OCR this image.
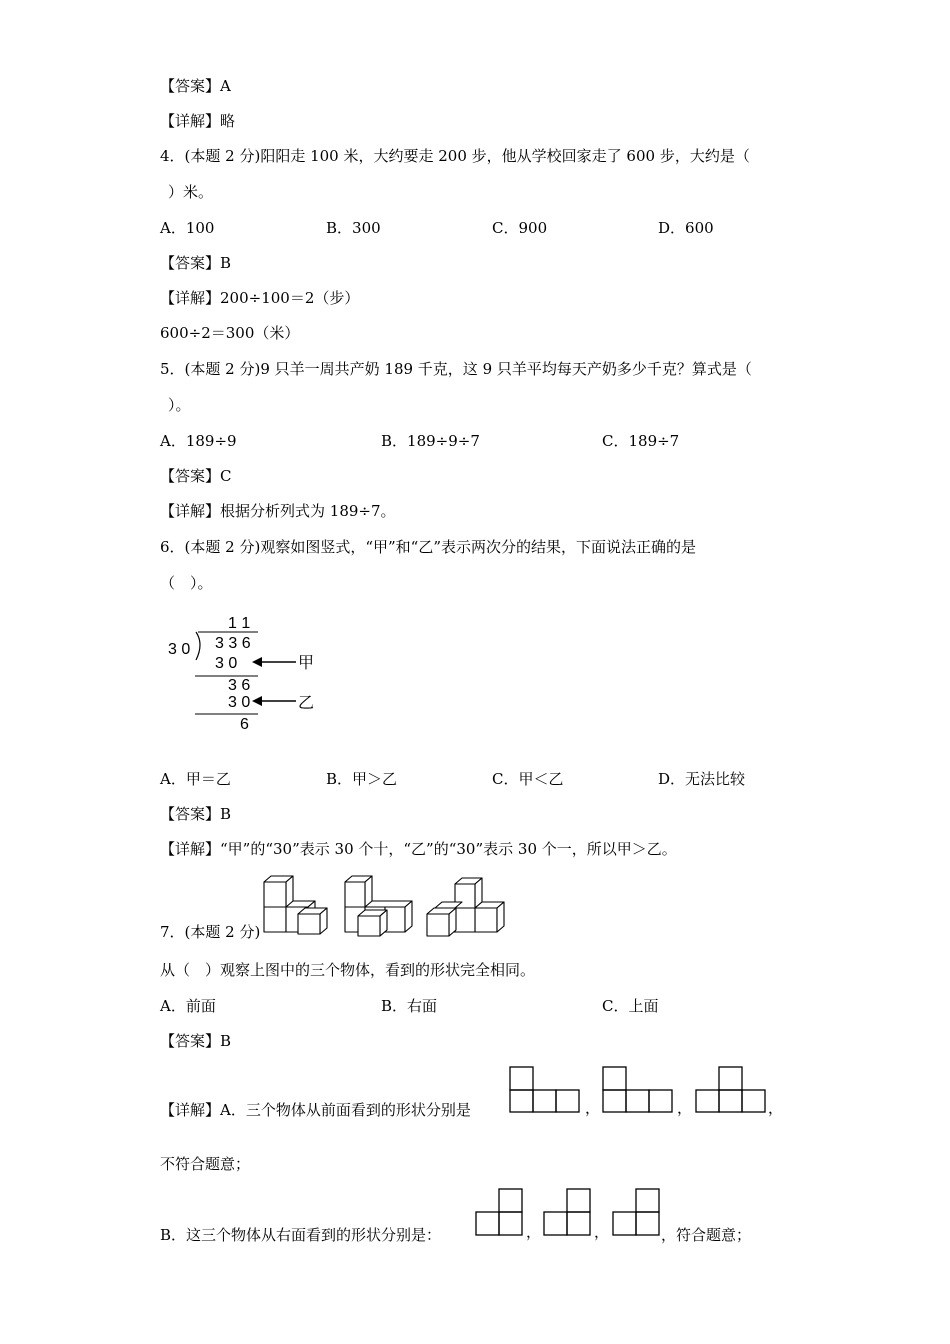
【答案】A
【详解】略
4．(本题 2 分)阳阳走 100 米，大约要走 200 步，他从学校回家走了 600 步，大约是（
）米。
A．100	B．300	C．900	D．600
【答案】B
【详解】200÷100＝2（步）
600÷2＝300（米）
5．(本题 2 分)9 只羊一周共产奶 189 千克，这 9 只羊平均每天产奶多少千克？算式是（
）。
A．189÷9	B．189÷9÷7	C．189÷7
【答案】C
【详解】根据分析列式为 189÷7。
6．(本题 2 分)观察如图竖式，“甲”和“乙”表示两次分的结果，下面说法正确的是
（　）。
1 1
3 0 3 3 6
3 0	甲
3 6
3 0	乙
6
A．甲＝乙	B．甲＞乙	C．甲＜乙	D．无法比较
【答案】B
【详解】“甲”的“30”表示 30 个十，“乙”的“30”表示 30 个一，所以甲＞乙。
7．(本题 2 分)
从（　）观察上图中的三个物体，看到的形状完全相同。
A．前面	B．右面	C．上面
【答案】B
【详解】A．三个物体从前面看到的形状分别是	，	，	，
不符合题意；
B．这三个物体从右面看到的形状分别是：	，	，	，符合题意；
